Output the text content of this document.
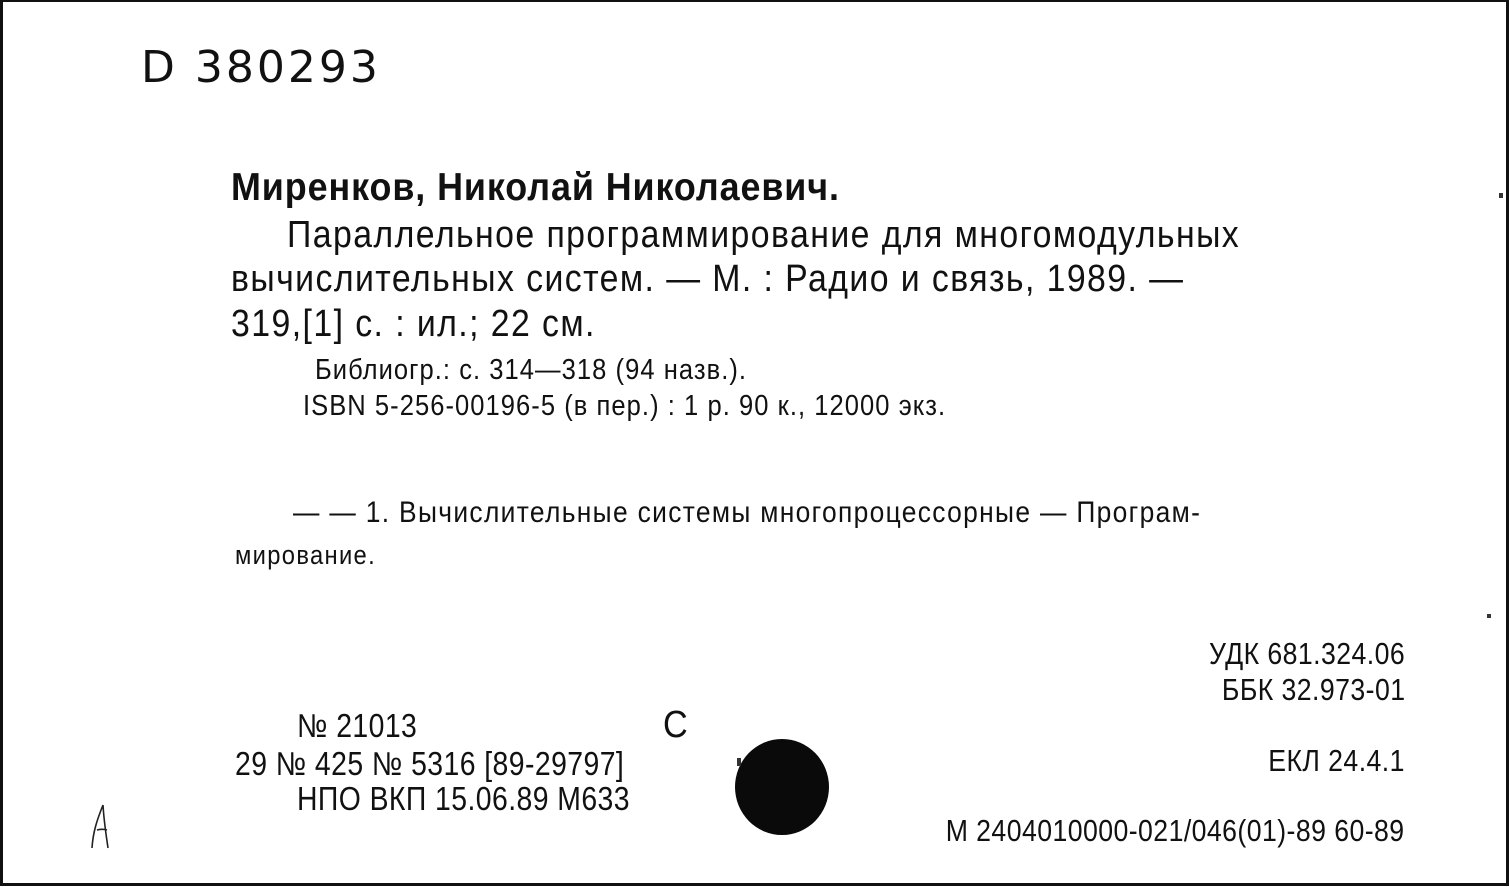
D 380293
Миренков, Николай Николаевич.
Параллельное программирование для многомодульных
вычислительных систем. — М. : Радио и связь, 1989. —
319,[1] с. : ил.; 22 см.
Библиогр.: с. 314—318 (94 назв.).
ISBN 5-256-00196-5 (в пер.) : 1 р. 90 к., 12000 экз.
— — 1. Вычислительные системы многопроцессорные — Програм-
мирование.
УДК 681.324.06
ББК 32.973-01
ЕКЛ 24.4.1
М 2404010000-021/046(01)-89 60-89
№ 21013	С
29 № 425 № 5316 [89-29797]
НПО ВКП 15.06.89 М633
